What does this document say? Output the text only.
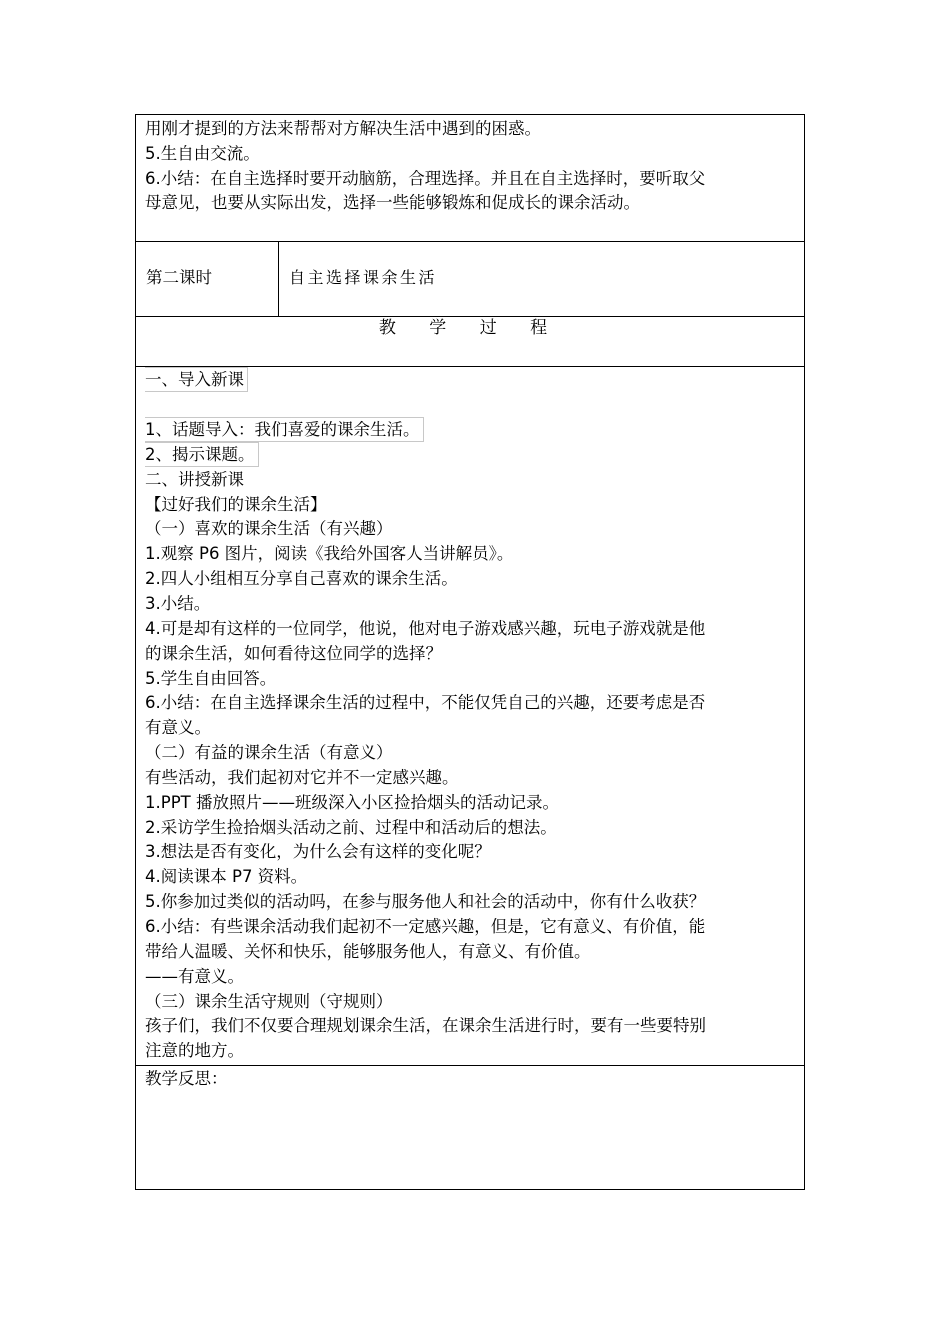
用刚才提到的方法来帮帮对方解决生活中遇到的困惑。
5.生自由交流。
6.小结：在自主选择时要开动脑筋，合理选择。并且在自主选择时，要听取父
母意见，也要从实际出发，选择一些能够锻炼和促成长的课余活动。
第二课时	自主选择课余生活
教 学 过 程
一、导入新课
1、话题导入：我们喜爱的课余生活。
2、揭示课题。
二、讲授新课
【过好我们的课余生活】
（一）喜欢的课余生活（有兴趣）
1.观察 P6 图片，阅读《我给外国客人当讲解员》。
2.四人小组相互分享自己喜欢的课余生活。
3.小结。
4.可是却有这样的一位同学，他说，他对电子游戏感兴趣，玩电子游戏就是他
的课余生活，如何看待这位同学的选择？
5.学生自由回答。
6.小结：在自主选择课余生活的过程中，不能仅凭自己的兴趣，还要考虑是否
有意义。
（二）有益的课余生活（有意义）
有些活动，我们起初对它并不一定感兴趣。
1.PPT 播放照片——班级深入小区捡拾烟头的活动记录。
2.采访学生捡拾烟头活动之前、过程中和活动后的想法。
3.想法是否有变化，为什么会有这样的变化呢？
4.阅读课本 P7 资料。
5.你参加过类似的活动吗，在参与服务他人和社会的活动中，你有什么收获？
6.小结：有些课余活动我们起初不一定感兴趣，但是，它有意义、有价值，能
带给人温暖、关怀和快乐，能够服务他人，有意义、有价值。
——有意义。
（三）课余生活守规则（守规则）
孩子们，我们不仅要合理规划课余生活，在课余生活进行时，要有一些要特别
注意的地方。
教学反思：
